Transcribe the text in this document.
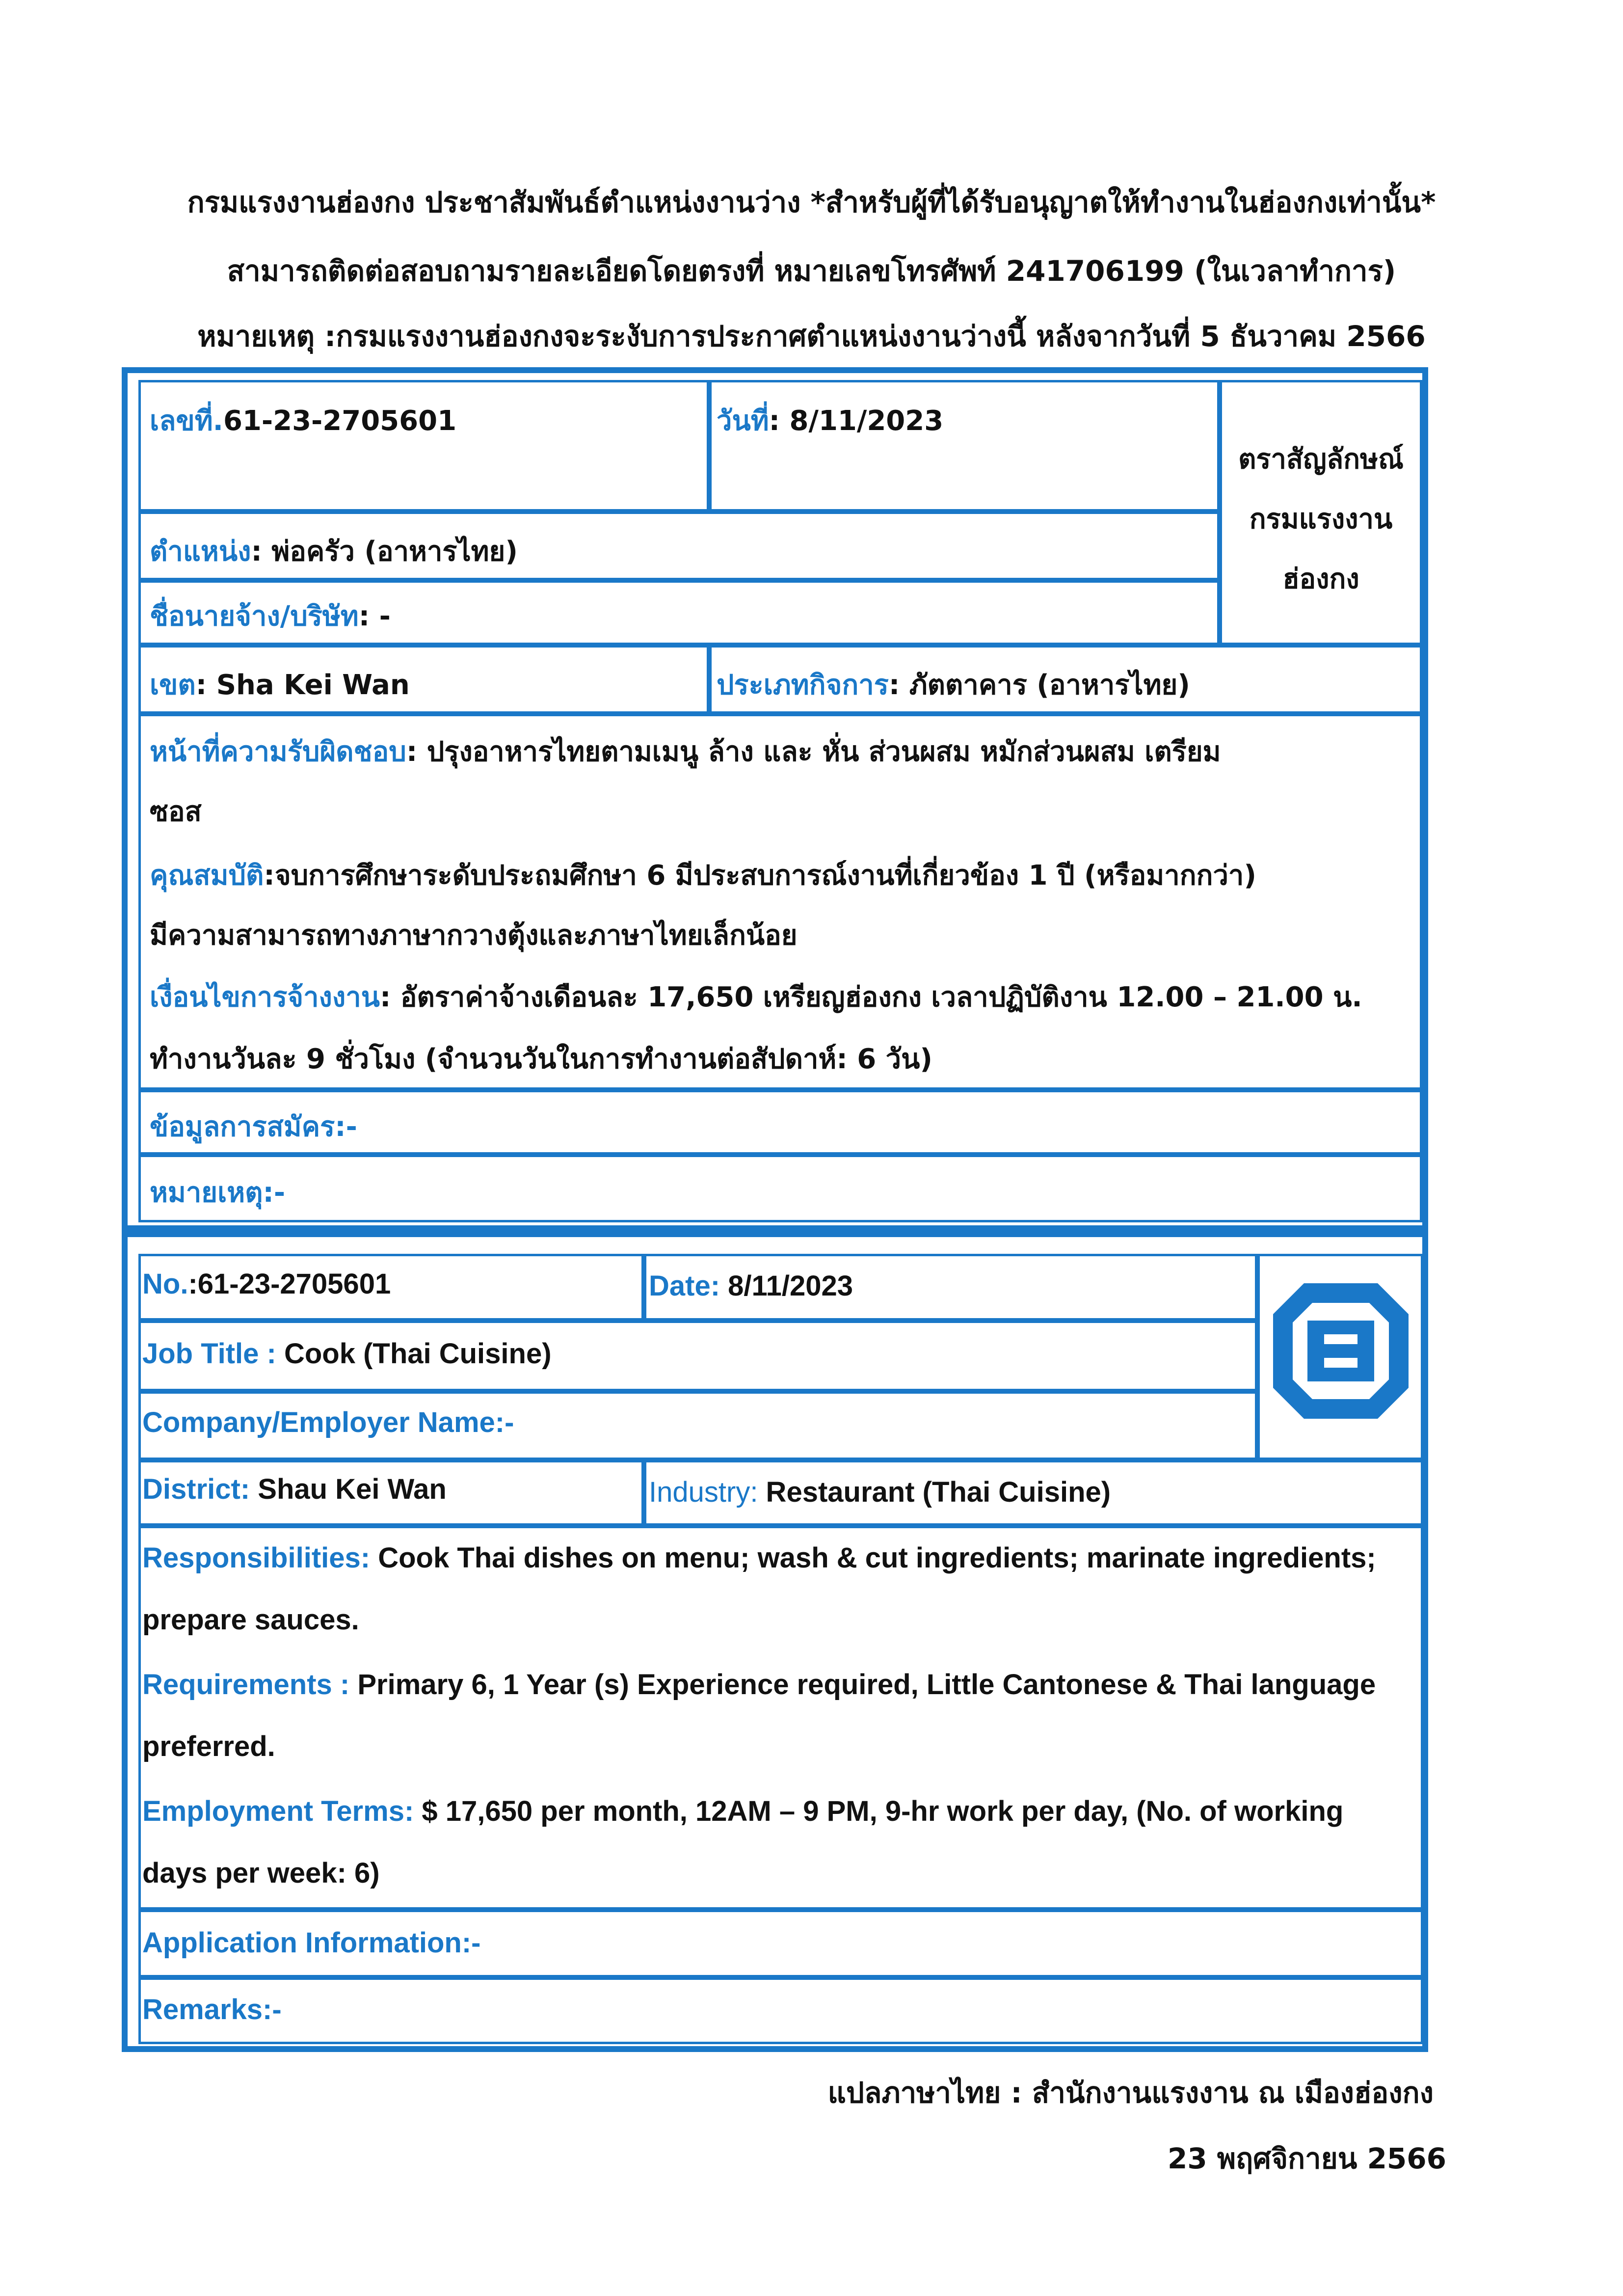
กรมแรงงานฮ่องกง ประชาสัมพันธ์ตำแหน่งงานว่าง *สำหรับผู้ที่ได้รับอนุญาตให้ทำงานในฮ่องกงเท่านั้น*
สามารถติดต่อสอบถามรายละเอียดโดยตรงที่ หมายเลขโทรศัพท์ 241706199 (ในเวลาทำการ)
หมายเหตุ :กรมแรงงานฮ่องกงจะระงับการประกาศตำแหน่งงานว่างนี้ หลังจากวันที่ 5 ธันวาคม 2566
เลขที่.61-23-2705601	วันที่: 8/11/2023
ตราสัญลักษณ์
กรมแรงงาน
ฮ่องกง
ตำแหน่ง: พ่อครัว (อาหารไทย)
ชื่อนายจ้าง/บริษัท: -
เขต: Sha Kei Wan	ประเภทกิจการ: ภัตตาคาร (อาหารไทย)
หน้าที่ความรับผิดชอบ: ปรุงอาหารไทยตามเมนู ล้าง และ หั่น ส่วนผสม หมักส่วนผสม เตรียม
ซอส
คุณสมบัติ:จบการศึกษาระดับประถมศึกษา 6 มีประสบการณ์งานที่เกี่ยวข้อง 1 ปี (หรือมากกว่า)
มีความสามารถทางภาษากวางตุ้งและภาษาไทยเล็กน้อย
เงื่อนไขการจ้างงาน: อัตราค่าจ้างเดือนละ 17,650 เหรียญฮ่องกง เวลาปฏิบัติงาน 12.00 – 21.00 น.
ทำงานวันละ 9 ชั่วโมง (จำนวนวันในการทำงานต่อสัปดาห์: 6 วัน)
ข้อมูลการสมัคร:-
หมายเหตุ:-
No.:61-23-2705601	Date: 8/11/2023
Job Title : Cook (Thai Cuisine)
Company/Employer Name:-
District: Shau Kei Wan	Industry: Restaurant (Thai Cuisine)
Responsibilities: Cook Thai dishes on menu; wash & cut ingredients; marinate ingredients;
prepare sauces.
Requirements : Primary 6, 1 Year (s) Experience required, Little Cantonese & Thai language
preferred.
Employment Terms: $ 17,650 per month, 12AM – 9 PM, 9-hr work per day, (No. of working
days per week: 6)
Application Information:-
Remarks:-
แปลภาษาไทย : สำนักงานแรงงาน ณ เมืองฮ่องกง
23 พฤศจิกายน 2566
